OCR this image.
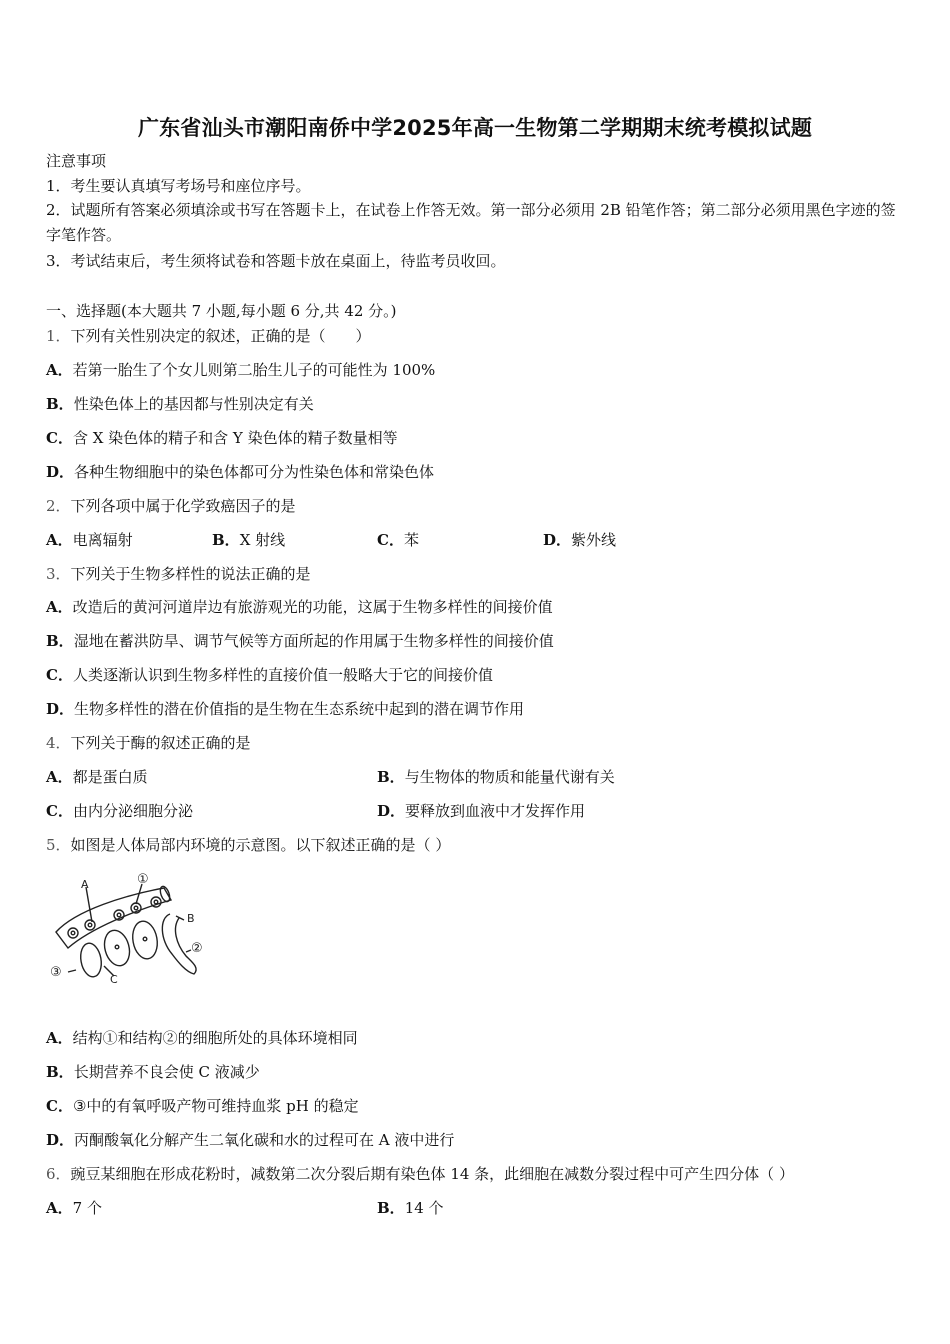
广东省汕头市潮阳南侨中学2025年高一生物第二学期期末统考模拟试题
注意事项
1．考生要认真填写考场号和座位序号。
2．试题所有答案必须填涂或书写在答题卡上，在试卷上作答无效。第一部分必须用 2B 铅笔作答；第二部分必须用黑色字迹的签字笔作答。
3．考试结束后，考生须将试卷和答题卡放在桌面上，待监考员收回。
一、选择题(本大题共 7 小题,每小题 6 分,共 42 分。)
1．下列有关性别决定的叙述，正确的是（　　）
A．若第一胎生了个女儿则第二胎生儿子的可能性为 100%
B．性染色体上的基因都与性别决定有关
C．含 X 染色体的精子和含 Y 染色体的精子数量相等
D．各种生物细胞中的染色体都可分为性染色体和常染色体
2．下列各项中属于化学致癌因子的是
A．电离辐射	B．X 射线	C．苯	D．紫外线
3．下列关于生物多样性的说法正确的是
A．改造后的黄河河道岸边有旅游观光的功能，这属于生物多样性的间接价值
B．湿地在蓄洪防旱、调节气候等方面所起的作用属于生物多样性的间接价值
C．人类逐渐认识到生物多样性的直接价值一般略大于它的间接价值
D．生物多样性的潜在价值指的是生物在生态系统中起到的潜在调节作用
4．下列关于酶的叙述正确的是
A．都是蛋白质	B．与生物体的物质和能量代谢有关
C．由内分泌细胞分泌	D．要释放到血液中才发挥作用
5．如图是人体局部内环境的示意图。以下叙述正确的是（ ）
A	①
B
②
③	C
A．结构①和结构②的细胞所处的具体环境相同
B．长期营养不良会使 C 液减少
C．③中的有氧呼吸产物可维持血浆 pH 的稳定
D．丙酮酸氧化分解产生二氧化碳和水的过程可在 A 液中进行
6．豌豆某细胞在形成花粉时，减数第二次分裂后期有染色体 14 条，此细胞在减数分裂过程中可产生四分体（ ）
A．7 个	B．14 个
